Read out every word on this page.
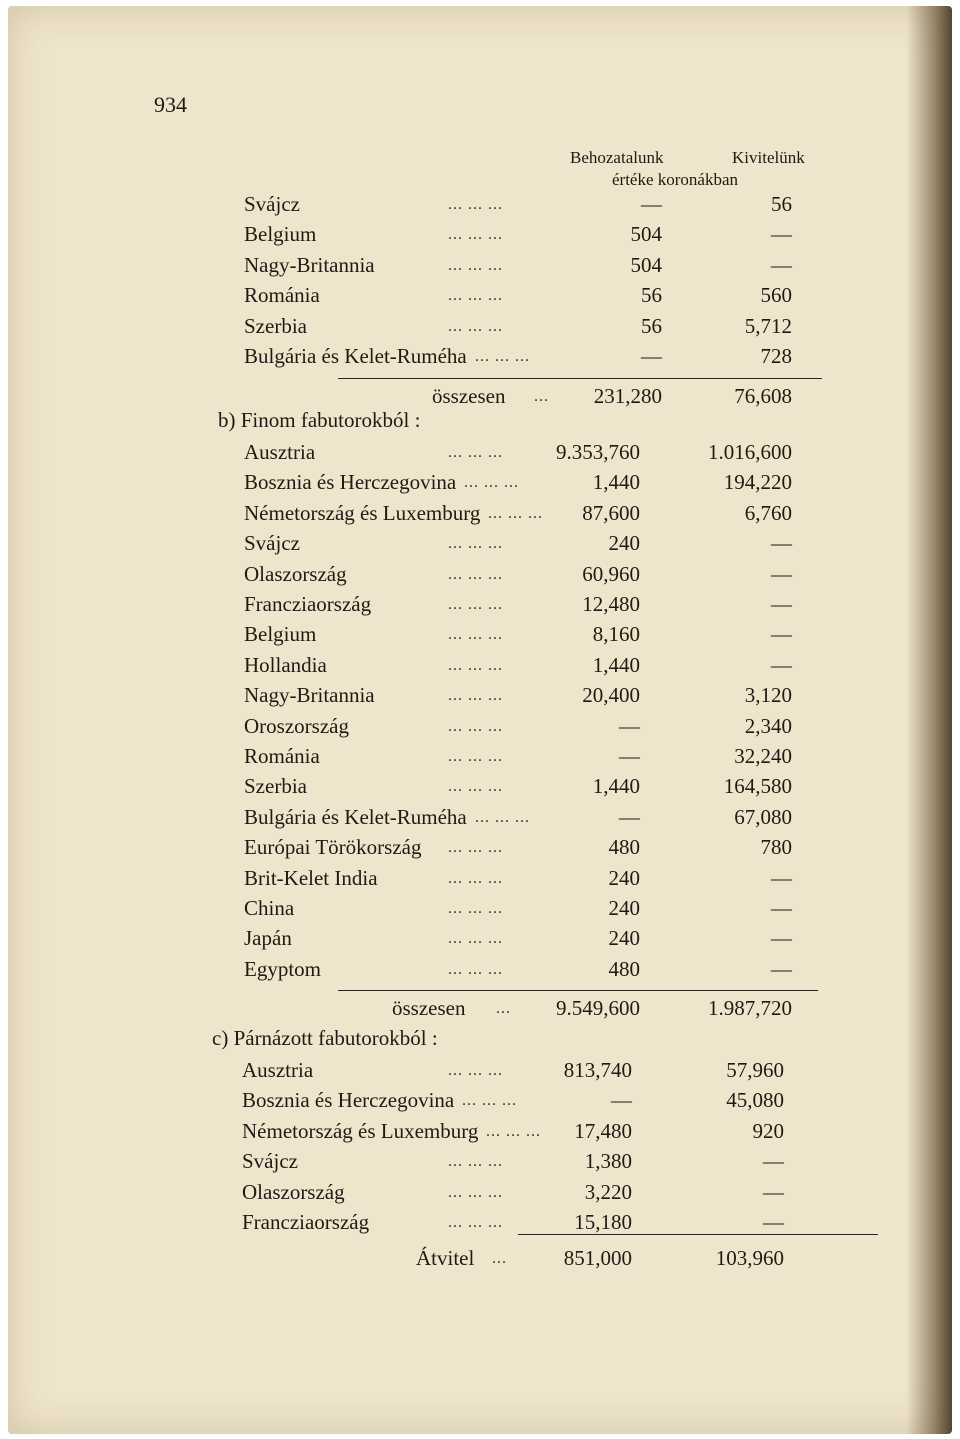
934
Behozatalunk	Kivitelünk
értéke koronákban
Svájcz	... ... ...	—	56
Belgium	... ... ...	504	—
Nagy-Britannia	... ... ...	504	—
Románia	... ... ...	56	560
Szerbia	... ... ...	56	5,712
Bulgária és Kelet-Ruméha ... ... ...	—	728
összesen ... 231,280	76,608
b) Finom fabutorokból :
Ausztria	... ... ...	9.353,760	1.016,600
Bosznia és Herczegovina ... ... ...	1,440	194,220
Németország és Luxemburg ... ... ... 87,600	6,760
Svájcz	... ... ...	240	—
Olaszország	... ... ...	60,960	—
Francziaország	... ... ...	12,480	—
Belgium	... ... ...	8,160	—
Hollandia	... ... ...	1,440	—
Nagy-Britannia	... ... ...	20,400	3,120
Oroszország	... ... ...	—	2,340
Románia	... ... ...	—	32,240
Szerbia	... ... ...	1,440	164,580
Bulgária és Kelet-Ruméha ... ... ...	—	67,080
Európai Törökország ... ... ...	480	780
Brit-Kelet India	... ... ...	240	—
China	... ... ...	240	—
Japán	... ... ...	240	—
Egyptom	... ... ...	480	—
összesen ... 9.549,600	1.987,720
c) Párnázott fabutorokból :
Ausztria	... ... ...	813,740	57,960
Bosznia és Herczegovina ... ... ...	—	45,080
Németország és Luxemburg ... ... ... 17,480	920
Svájcz	... ... ...	1,380	—
Olaszország	... ... ...	3,220	—
Francziaország	... ... ...	15,180	—
Átvitel ...	851,000	103,960
